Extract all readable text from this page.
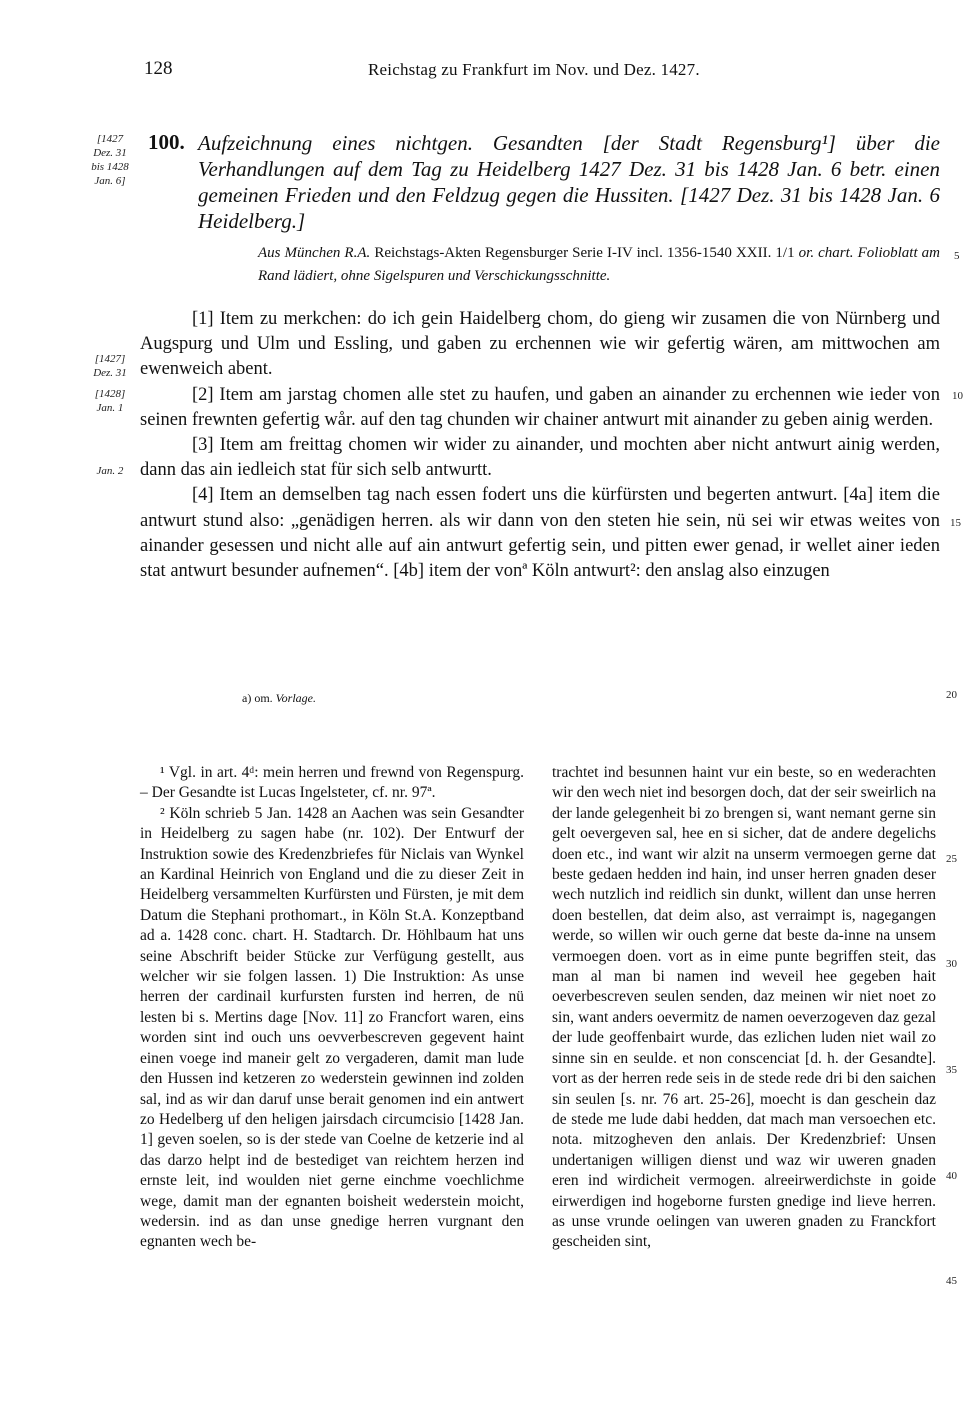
128	Reichstag zu Frankfurt im Nov. und Dez. 1427.
[1427 Dez. 31 bis 1428 Jan. 6]
[1427] Dez. 31
[1428] Jan. 1
Jan. 2
100. Aufzeichnung eines nichtgen. Gesandten [der Stadt Regensburg¹] über die Verhandlungen auf dem Tag zu Heidelberg 1427 Dez. 31 bis 1428 Jan. 6 betr. einen gemeinen Frieden und den Feldzug gegen die Hussiten. [1427 Dez. 31 bis 1428 Jan. 6 Heidelberg.]
Aus München R.A. Reichstags-Akten Regensburger Serie I-IV incl. 1356-1540 XXII. 1/1 or. chart. Folioblatt am Rand lädiert, ohne Sigelspuren und Verschickungsschnitte.

[1] Item zu merkchen: do ich gein Haidelberg chom, do gieng wir zusamen die von Nürnberg und Augspurg und Ulm und Essling, und gaben zu erchennen wie wir gefertig wären, am mittwochen am ewenweich abent.

[2] Item am jarstag chomen alle stet zu haufen, und gaben an ainander zu erchennen wie ieder von seinen frewnten gefertig wår. auf den tag chunden wir chainer antwurt mit ainander zu geben ainig werden.

[3] Item am freittag chomen wir wider zu ainander, und mochten aber nicht antwurt ainig werden, dann das ain iedleich stat für sich selb antwurtt.

[4] Item an demselben tag nach essen fodert uns die kürfürsten und begerten antwurt. [4a] item die antwurt stund also: „genädigen herren. als wir dann von den steten hie sein, nü sei wir etwas weites von ainander gesessen und nicht alle auf ain antwurt gefertig sein, und pitten ewer genad, ir wellet ainer ieden stat antwurt besunder aufnemen“. [4b] item der vonª Köln antwurt²: den anslag also einzugen

5
10
15
20
25
30
35
40
45
a) om. Vorlage.

¹ Vgl. in art. 4ᵈ: mein herren und frewnd von Regenspurg. – Der Gesandte ist Lucas Ingelsteter, cf. nr. 97ª.

² Köln schrieb 5 Jan. 1428 an Aachen was sein Gesandter in Heidelberg zu sagen habe (nr. 102). Der Entwurf der Instruktion sowie des Kredenzbriefes für Niclais van Wynkel an Kardinal Heinrich von England und die zu dieser Zeit in Heidelberg versammelten Kurfürsten und Fürsten, je mit dem Datum die Stephani prothomart., in Köln St.A. Konzeptband ad a. 1428 conc. chart. H. Stadtarch. Dr. Höhlbaum hat uns seine Abschrift beider Stücke zur Verfügung gestellt, aus welcher wir sie folgen lassen. 1) Die Instruktion: As unse herren der cardinail kurfursten fursten ind herren, de nü lesten bi s. Mertins dage [Nov. 11] zo Francfort waren, eins worden sint ind ouch uns oevverbescreven gegevent haint einen voege ind maneir gelt zo vergaderen, damit man lude den Hussen ind ketzeren zo wederstein gewinnen ind zolden sal, ind as wir dan daruf unse berait genomen ind ein antwert zo Hedelberg uf den heligen jairsdach circumcisio [1428 Jan. 1] geven soelen, so is der stede van Coelne de ketzerie ind al das darzo helpt ind de bestediget van reichtem herzen ind ernste leit, ind woulden niet gerne einchme voechlichme wege, damit man der egnanten boisheit wederstein moicht, wedersin. ind as dan unse gnedige herren vurgnant den egnanten wech be-

trachtet ind besunnen haint vur ein beste, so en wederachten wir den wech niet ind besorgen doch, dat der seir sweirlich na der lande gelegenheit bi zo brengen si, want nemant gerne sin gelt oevergeven sal, hee en si sicher, dat de andere degelichs doen etc., ind want wir alzit na unserm vermoegen gerne dat beste gedaen hedden ind hain, ind unser herren gnaden deser wech nutzlich ind reidlich sin dunkt, willent dan unse herren doen bestellen, dat deim also, ast verraimpt is, nagegangen werde, so willen wir ouch gerne dat beste da-inne na unsem vermoegen doen. vort as in eime punte begriffen steit, das man al man bi namen ind weveil hee gegeben hait oeverbescreven seulen senden, daz meinen wir niet noet zo sin, want anders oevermitz de namen oeverzogeven daz gezal der lude geoffenbairt wurde, das ezlichen luden niet wail zo sinne sin en seulde. et non conscenciat [d. h. der Gesandte]. vort as der herren rede seis in de stede rede dri bi den saichen sin seulen [s. nr. 76 art. 25-26], moecht is dan geschein daz de stede me lude dabi hedden, dat mach man versoechen etc. nota. mitzogheven den anlais. Der Kredenzbrief: Unsen undertanigen willigen dienst und waz wir uweren gnaden eren ind wirdicheit vermogen. alreeirwerdichste in goide eirwerdigen ind hogeborne fursten gnedige ind lieve herren. as unse vrunde oelingen van uweren gnaden zu Franckfort gescheiden sint,
